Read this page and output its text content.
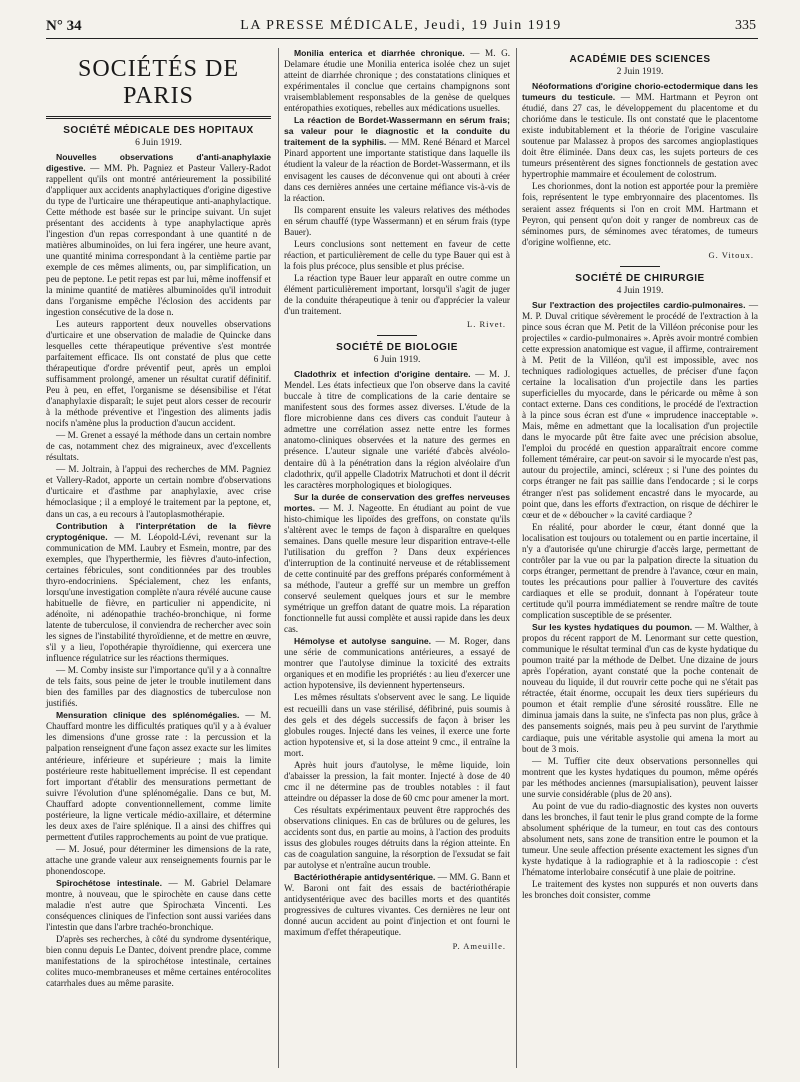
N° 34	LA PRESSE MÉDICALE, Jeudi, 19 Juin 1919	335
SOCIÉTÉS DE PARIS
SOCIÉTÉ MÉDICALE DES HOPITAUX
6 Juin 1919.

Nouvelles observations d'anti-anaphylaxie digestive. — MM. Ph. Pagniez et Pasteur Vallery-Radot rappellent qu'ils ont montré antérieurement la possibilité d'appliquer aux accidents anaphylactiques d'origine digestive du type de l'urticaire une thérapeutique anti-anaphylactique. Cette méthode est basée sur le principe suivant. Un sujet présentant des accidents à type anaphylactique après l'ingestion d'un repas correspondant à une quantité n de matières albuminoïdes, on lui fera ingérer, une heure avant, une quantité minima correspondant à la centième partie par exemple de ces mêmes aliments, ou, par simplification, un peu de peptone. Le petit repas est par lui, même inoffensif et la minime quantité de matières albuminoïdes qu'il introduit dans l'organisme empêche l'éclosion des accidents par ingestion consécutive de la dose n.

Les auteurs rapportent deux nouvelles observations d'urticaire et une observation de maladie de Quincke dans lesquelles cette thérapeutique préventive s'est montrée parfaitement efficace. Ils ont constaté de plus que cette thérapeutique d'ordre préventif peut, après un emploi suffisamment prolongé, amener un résultat curatif définitif. Peu à peu, en effet, l'organisme se désensibilise et l'état d'anaphylaxie disparaît; le sujet peut alors cesser de recourir à la méthode préventive et l'ingestion des aliments jadis nocifs n'amène plus la production d'aucun accident.

— M. Grenet a essayé la méthode dans un certain nombre de cas, notamment chez des migraineux, avec d'excellents résultats.

— M. Joltrain, à l'appui des recherches de MM. Pagniez et Vallery-Radot, apporte un certain nombre d'observations d'urticaire et d'asthme par anaphylaxie, avec crise hémoclasique ; il a employé le traitement par la peptone, et, dans un cas, a eu recours à l'autoplasmothérapie.

Contribution à l'interprétation de la fièvre cryptogénique. — M. Léopold-Lévi, revenant sur la communication de MM. Laubry et Esmein, montre, par des exemples, que l'hyperthermie, les fièvres d'auto-infection, certaines fébricules, sont conditionnées par des troubles thyro-endocriniens. Spécialement, chez les enfants, lorsqu'une investigation complète n'aura révélé aucune cause habituelle de fièvre, en particulier ni appendicite, ni adénoïte, ni adénopathie trachéo-bronchique, ni forme latente de tuberculose, il conviendra de rechercher avec soin les signes de l'instabilité thyroïdienne, et de mettre en œuvre, s'il y a lieu, l'opothérapie thyroïdienne, qui exercera une influence régulatrice sur les réactions thermiques.

— M. Comby insiste sur l'importance qu'il y a à connaître de tels faits, sous peine de jeter le trouble inutilement dans bien des familles par des diagnostics de tuberculose non justifiés.

Mensuration clinique des splénomégalies. — M. Chauffard montre les difficultés pratiques qu'il y a à évaluer les dimensions d'une grosse rate : la percussion et la palpation renseignent d'une façon assez exacte sur les limites antérieure, inférieure et supérieure ; mais la limite postérieure reste habituellement imprécise. Il est cependant fort important d'établir des mensurations permettant de suivre l'évolution d'une splénomégalie. Dans ce but, M. Chauffard adopte conventionnellement, comme limite postérieure, la ligne verticale médio-axillaire, et détermine les deux axes de l'aire splénique. Il a ainsi des chiffres qui permettent d'utiles rapprochements au point de vue pratique.

— M. Josué, pour déterminer les dimensions de la rate, attache une grande valeur aux renseignements fournis par le phonendoscope.

Spirochétose intestinale. — M. Gabriel Delamare montre, à nouveau, que le spirochète en cause dans cette maladie n'est autre que Spirochæta Vincenti. Les conséquences cliniques de l'infection sont aussi variées dans l'intestin que dans l'arbre trachéo-bronchique.

D'après ses recherches, à côté du syndrome dysentérique, bien connu depuis Le Dantec, doivent prendre place, comme manifestations de la spirochétose intestinale, certaines colites muco-membraneuses et même certaines entérocolites catarrhales dues au même parasite.

Monilia enterica et diarrhée chronique. — M. G. Delamare étudie une Monilia enterica isolée chez un sujet atteint de diarrhée chronique ; des constatations cliniques et expérimentales il conclue que certains champignons sont vraisemblablement responsables de la genèse de quelques entéropathies exotiques, rebelles aux médications usuelles.

La réaction de Bordet-Wassermann en sérum frais; sa valeur pour le diagnostic et la conduite du traitement de la syphilis. — MM. René Bénard et Marcel Pinard apportent une importante statistique dans laquelle ils étudient la valeur de la réaction de Bordet-Wassermann, et ils envisagent les causes de déconvenue qui ont abouti à créer dans ces dernières années une certaine méfiance vis-à-vis de la réaction.

Ils comparent ensuite les valeurs relatives des méthodes en sérum chauffé (type Wassermann) et en sérum frais (type Bauer).

Leurs conclusions sont nettement en faveur de cette réaction, et particulièrement de celle du type Bauer qui est à la fois plus précoce, plus sensible et plus précise.

La réaction type Bauer leur apparaît en outre comme un élément particulièrement important, lorsqu'il s'agit de juger de la conduite thérapeutique à tenir ou d'apprécier la valeur d'un traitement.

L. Rivet.
SOCIÉTÉ DE BIOLOGIE
6 Juin 1919.

Cladothrix et infection d'origine dentaire. — M. J. Mendel. Les états infectieux que l'on observe dans la cavité buccale à titre de complications de la carie dentaire se manifestent sous des formes assez diverses. L'étude de la flore microbienne dans ces divers cas conduit l'auteur à admettre une corrélation assez nette entre les formes anatomo-cliniques observées et la nature des germes en présence. L'auteur signale une variété d'abcès alvéolo-dentaire dû à la pénétration dans la région alvéolaire d'un cladothrix, qu'il appelle Cladotrix Matruchoti et dont il décrit les caractères morphologiques et biologiques.

Sur la durée de conservation des greffes nerveuses mortes. — M. J. Nageotte. En étudiant au point de vue histo-chimique les lipoïdes des greffons, on constate qu'ils s'altèrent avec le temps de façon à disparaître en quelques semaines. Dans quelle mesure leur disparition entrave-t-elle l'utilisation du greffon ? Dans deux expériences d'interruption de la continuité nerveuse et de rétablissement de cette continuité par des greffons préparés conformément à sa méthode, l'auteur a greffé sur un membre un greffon conservé seulement quelques jours et sur le membre symétrique un greffon datant de quatre mois. La réparation fonctionnelle fut aussi complète et aussi rapide dans les deux cas.

Hémolyse et autolyse sanguine. — M. Roger, dans une série de communications antérieures, a essayé de montrer que l'autolyse diminue la toxicité des extraits organiques et en modifie les propriétés : au lieu d'exercer une action hypotensive, ils deviennent hypertenseurs.

Les mêmes résultats s'observent avec le sang. Le liquide est recueilli dans un vase stérilisé, défibriné, puis soumis à des gels et des dégels successifs de façon à briser les globules rouges. Injecté dans les veines, il exerce une forte action hypotensive et, si la dose atteint 9 cmc., il entraîne la mort.

Après huit jours d'autolyse, le même liquide, loin d'abaisser la pression, la fait monter. Injecté à dose de 40 cmc il ne détermine pas de troubles notables : il faut atteindre ou dépasser la dose de 60 cmc pour amener la mort.

Ces résultats expérimentaux peuvent être rapprochés des observations cliniques. En cas de brûlures ou de gelures, les accidents sont dus, en partie au moins, à l'action des produits issus des globules rouges détruits dans la région atteinte. En cas de coagulation sanguine, la résorption de l'exsudat se fait par autolyse et n'entraîne aucun trouble.

Bactériothérapie antidysentérique. — MM. G. Bann et W. Baroni ont fait des essais de bactériothérapie antidysentérique avec des bacilles morts et des quantités progressives de cultures vivantes. Ces dernières ne leur ont donné aucun accident au point d'injection et ont fourni le maximum d'effet thérapeutique.

P. Ameuille.
ACADÉMIE DES SCIENCES
2 Juin 1919.

Néoformations d'origine chorio-ectodermique dans les tumeurs du testicule. — MM. Hartmann et Peyron ont étudié, dans 27 cas, le développement du placentome et du chorióme dans le testicule. Ils ont constaté que le placentome existe indubitablement et la théorie de l'origine vasculaire soutenue par Malassez à propos des sarcomes angioplastiques doit être éliminée. Dans deux cas, les sujets porteurs de ces tumeurs présentèrent des signes fonctionnels de gestation avec hypertrophie mammaire et écoulement de colostrum.

Les chorionmes, dont la notion est apportée pour la première fois, représentent le type embryonnaire des placentomes. Ils seraient assez fréquents si l'on en croit MM. Hartmann et Peyron, qui pensent qu'on doit y ranger de nombreux cas de séminomes purs, de séminomes avec tératomes, de tumeurs d'origine wolfienne, etc.

G. Vitoux.
SOCIÉTÉ DE CHIRURGIE
4 Juin 1919.

Sur l'extraction des projectiles cardio-pulmonaires. — M. P. Duval critique sévèrement le procédé de l'extraction à la pince sous écran que M. Petit de la Villéon préconise pour les projectiles « cardio-pulmonaires ». Après avoir montré combien cette expression anatomique est vague, il affirme, contrairement à M. Petit de la Villéon, qu'il est impossible, avec nos techniques radiologiques actuelles, de préciser d'une façon certaine la localisation d'un projectile dans les parties superficielles du myocarde, dans le péricarde ou même à son contact externe. Dans ces conditions, le procédé de l'extraction à la pince sous écran est d'une « imprudence inacceptable ». Mais, même en admettant que la localisation d'un projectile dans le myocarde pût être faite avec une précision absolue, l'emploi du procédé en question apparaîtrait encore comme follement téméraire, car peut-on savoir si le myocarde n'est pas, autour du projectile, aminci, scléreux ; si l'une des pointes du corps étranger ne fait pas saillie dans l'endocarde ; si le corps étranger n'est pas solidement encastré dans le myocarde, au point que, dans les efforts d'extraction, on risque de déchirer le cœur et de « déboucher » la cavité cardiaque ?

En réalité, pour aborder le cœur, étant donné que la localisation est toujours ou totalement ou en partie incertaine, il n'y a d'autorisée qu'une chirurgie d'accès large, permettant de contrôler par la vue ou par la palpation directe la situation du corps étranger, permettant de prendre à l'avance, cœur en main, toutes les précautions pour pallier à l'ouverture des cavités cardiaques et elle se produit, donnant à l'opérateur toute certitude qu'il pourra immédiatement se rendre maître de toute complication susceptible de se présenter.

Sur les kystes hydatiques du poumon. — M. Walther, à propos du récent rapport de M. Lenormant sur cette question, communique le résultat terminal d'un cas de kyste hydatique du poumon traité par la méthode de Delbet. Une dizaine de jours après l'opération, ayant constaté que la poche contenait de nouveau du liquide, il dut rouvrir cette poche qui ne s'était pas rétractée, était énorme, occupait les deux tiers supérieurs du poumon et était remplie d'une sérosité roussâtre. Elle ne diminua jamais dans la suite, ne s'infecta pas non plus, grâce à des pansements soignés, mais peu à peu survint de l'arythmie cardiaque, puis une véritable asystolie qui amena la mort au bout de 3 mois.

— M. Tuffier cite deux observations personnelles qui montrent que les kystes hydatiques du poumon, même opérés par les méthodes anciennes (marsupialisation), peuvent laisser une survie considérable (plus de 20 ans).

Au point de vue du radio-diagnostic des kystes non ouverts dans les bronches, il faut tenir le plus grand compte de la forme absolument sphérique de la tumeur, en tout cas des contours absolument nets, sans zone de transition entre le poumon et la tumeur. Une seule affection présente exactement les signes d'un kyste hydatique à la radiographie et à la radioscopie : c'est l'hématome interlobaire consécutif à une plaie de poitrine.

Le traitement des kystes non suppurés et non ouverts dans les bronches doit consister, comme
